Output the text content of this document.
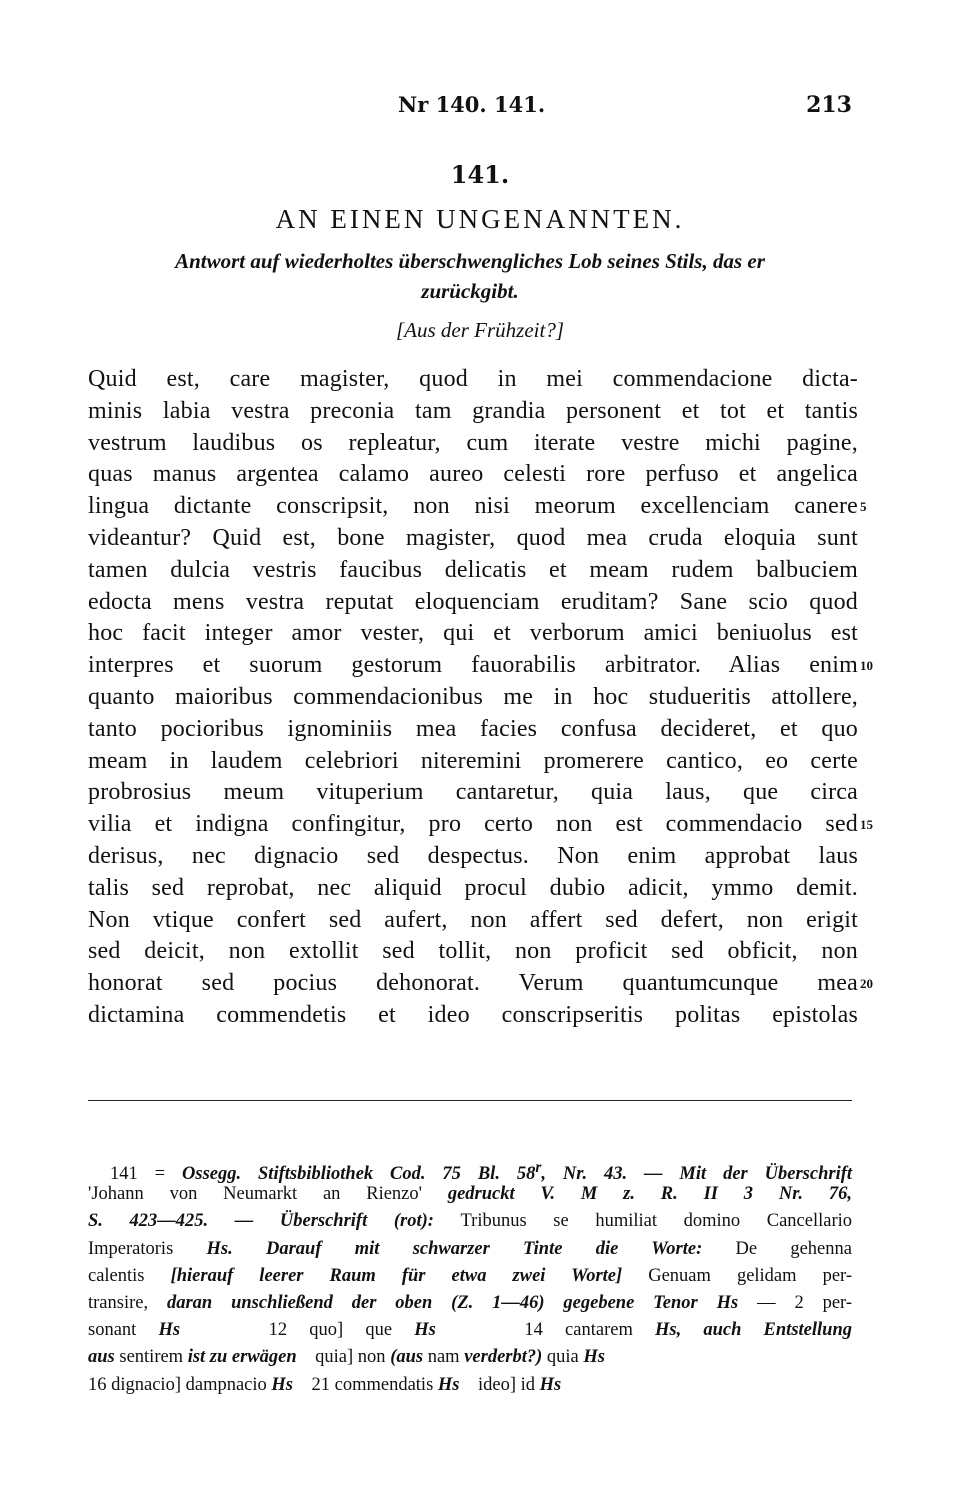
Nr 140. 141.	213
141.
AN EINEN UNGENANNTEN.
Antwort auf wiederholtes überschwengliches Lob seines Stils, das er
zurückgibt.
[Aus der Frühzeit?]
Quid est, care magister, quod in mei commendacione dicta-
minis labia vestra preconia tam grandia personent et tot et tantis
vestrum laudibus os repleatur, cum iterate vestre michi pagine,
quas manus argentea calamo aureo celesti rore perfuso et angelica
lingua dictante conscripsit, non nisi meorum excellenciam canere
videantur? Quid est, bone magister, quod mea cruda eloquia sunt
tamen dulcia vestris faucibus delicatis et meam rudem balbuciem
edocta mens vestra reputat eloquenciam eruditam? Sane scio quod
hoc facit integer amor vester, qui et verborum amici beniuolus est
interpres et suorum gestorum fauorabilis arbitrator. Alias enim
quanto maioribus commendacionibus me in hoc studueritis attollere,
tanto pocioribus ignominiis mea facies confusa decideret, et quo
meam in laudem celebriori niteremini promerere cantico, eo certe
probrosius meum vituperium cantaretur, quia laus, que circa
vilia et indigna confingitur, pro certo non est commendacio sed
derisus, nec dignacio sed despectus. Non enim approbat laus
talis sed reprobat, nec aliquid procul dubio adicit, ymmo demit.
Non vtique confert sed aufert, non affert sed defert, non erigit
sed deicit, non extollit sed tollit, non proficit sed obficit, non
honorat sed pocius dehonorat. Verum quantumcunque mea
dictamina commendetis et ideo conscripseritis politas epistolas
5
10
15
20
141 = Ossegg. Stiftsbibliothek Cod. 75 Bl. 58$^r$, Nr. 43. — Mit der Überschrift
'Johann von Neumarkt an Rienzo' gedruckt V. M z. R. II 3 Nr. 76,
S. 423—425. — Überschrift (rot): Tribunus se humiliat domino Cancellario
Imperatoris Hs. Darauf mit schwarzer Tinte die Worte: De gehenna
calentis [hierauf leerer Raum für etwa zwei Worte] Genuam gelidam per-
transire, daran unschließend der oben (Z. 1—46) gegebene Tenor Hs — 2 per-
sonant Hs    12 quo] que Hs    14 cantarem Hs, auch Entstellung
aus sentirem ist zu erwägen    quia] non (aus nam verderbt?) quia Hs
16 dignacio] dampnacio Hs    21 commendatis Hs    ideo] id Hs
